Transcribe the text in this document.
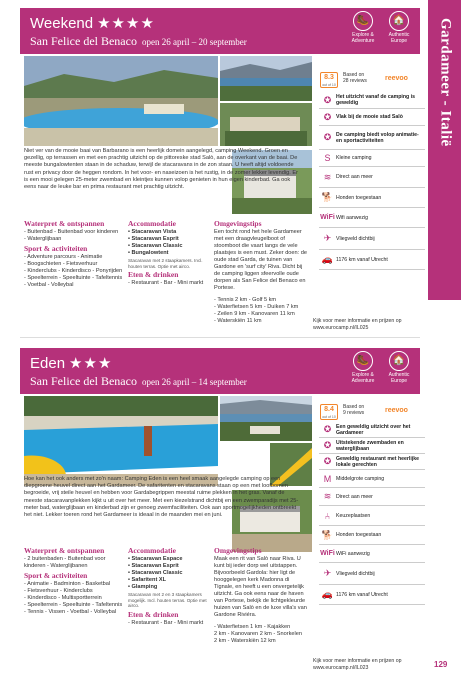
Gardameer - Italië
129
Weekend ★★★★
San Felice del Benaco open 26 april – 20 september
🥾
Explore & Adventure
🏠
Authentic Europe
Niet ver van de mooie baai van Barbarano is een heerlijk domein aangelegd, camping Weekend. Groen en gezellig, op terrassen en met een prachtig uitzicht op de pittoreske stad Salò, aan de overkant van de baai. De meeste bungalowtenten staan in de schaduw, terwijl de stacaravans in de zon staan. U heeft altijd voldoende rust en privacy door de heggen rondom. In het voor- en naseizoen is het rustig, in de zomer lekker levendig. Er is een mooi gelegen 25-meter zwembad en kleintjes kunnen volop genieten in hun eigen kinderbad. Ga ook eens naar de leuke bar en prima restaurant met prachtig uitzicht.
Waterpret & ontspannen
- Buitenbad - Buitenbad voor kinderen
- Waterglijbaan
Sport & activiteiten
- Adventure parcours - Animatie
- Boogschieten - Fietsverhuur
- Kinderclubs - Kinderdisco - Ponyrijden
- Speelterrein - Speeltuinte - Tafeltennis
- Voetbal - Volleybal
Accommodatie
• Stacaravan Vista
• Stacaravan Esprit
• Stacaravan Classic
• Bungalowtent
Stacaravan met 2 staapkamers. Incl. houten terras. Optie met airco.
Eten & drinken
- Restaurant - Bar - Mini markt
Omgevingstips
Een tocht rond het hele Gardameer met een draagvleugelboot of stoomboot die vaart langs de vele plaatsjes is een must. Zeker doen: de oude stad Garda, de tuinen van Gardone en 'surf city' Riva. Dicht bij de camping liggen sfeervolle oude dorpen als San Felice del Benaco en Portese.
- Tennis 2 km - Golf 5 km
- Waterfietsen 5 km - Duiken 7 km
- Zeilen 9 km - Kanovaren 11 km
- Waterskiën 11 km
8.3
out of 10
Based on
28 reviews	reevoo
✪ Het uitzicht vanaf de camping is geweldig
✪ Vlak bij de mooie stad Salò
✪ De camping biedt volop animatie- en sportactiviteiten
S	Kleine camping
≋ Direct aan meer
🐕 Honden toegestaan
WiFi Wifi aanwezig
✈ Vliegveld dichtbij
🚗 1176 km vanaf Utrecht
Kijk voor meer informatie en prijzen op www.eurocamp.nl/IL025
Eden ★★★
San Felice del Benaco open 26 april – 14 september
🥾
Explore & Adventure
🏠
Authentic Europe
Hoe kan het ook anders met zo'n naam: Camping Eden is een heel smaak aangelegde camping op een diepgroene heuvel direct aan het Gardameer. De safaritenten en stacaravans staan op een met loofbomen begroeide, vrij steile heuvel en hebben voor Gardabegrippen meestal ruime plekken in het gras. Vanaf de meeste stacaravanplekken kijkt u uit over het meer. Met een kiezelstrand dichtbij en een zwemparadijs met 25-meter bad, waterglijbaan en kinderbad zijn er genoeg zwemfaciliteiten. Ook aan sportmogelijkheden ontbreekt het niet. Lekker toeren rond het Gardameer is ideaal in de maanden mei en juni.
Waterpret & ontspannen
- 2 buitenbaden - Buitenbad voor kinderen - Waterglijbanen
Sport & activiteiten
- Animatie - Badminton - Basketbal
- Fietsverhuur - Kinderclubs
- Kinderdisco - Multisportterrein
- Speelterrein - Speeltuinte - Tafeltennis
- Tennis - Vissen - Voetbal - Volleybal
Accommodatie
• Stacaravan Espace
• Stacaravan Esprit
• Stacaravan Classic
• Safaritent XL
• Glamping
Stacaravan met 2 en 3 staapkamers mogelijk. Incl. houten terras. Optie met airco.
Eten & drinken
- Restaurant - Bar - Mini markt
Omgevingstips
Maak een rit van Salò naar Riva. U kunt bij ieder dorp wel uitstappen. Bijvoorbeeld Gardola: hier ligt de hooggelegen kerk Madonna di Tignale, en heeft u een onvergetelijk uitzicht. Ga ook eens naar de haven van Portese, bekijk de lichtgekleurde huizen van Salò en de luxe villa's van Gardone Riviéra.
- Waterfietsen 1 km - Kajakken
2 km - Kanovaren 2 km - Snorkelen
2 km - Waterskiën 12 km
8.4
out of 10
Based on
9 reviews	reevoo
✪ Een geweldig uitzicht over het Gardameer
✪ Uitstekende zwembaden en waterglijbaan
✪ Geweldig restaurant met heerlijke lokale gerechten
M Middelgrote camping
≋ Direct aan meer
⑃	Keuzeplaatsen
🐕 Honden toegestaan
WiFi WiFi aanwezig
✈ Vliegveld dichtbij
🚗 1176 km vanaf Utrecht
Kijk voor meer informatie en prijzen op www.eurocamp.nl/IL023
